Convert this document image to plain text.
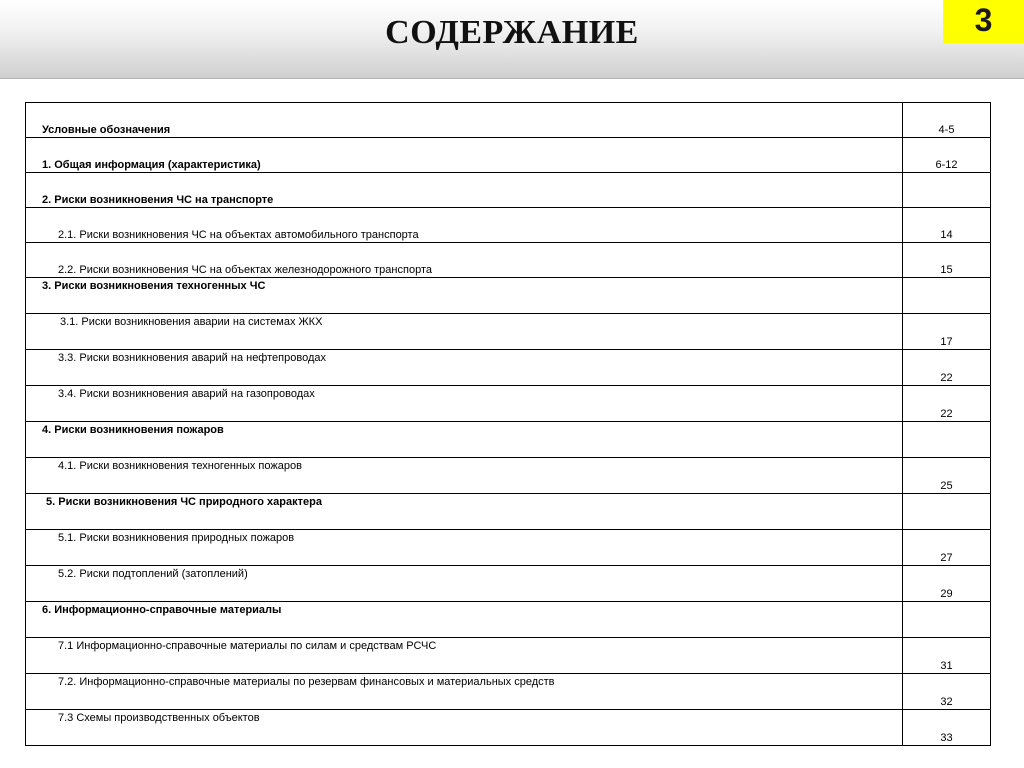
СОДЕРЖАНИЕ	3
Условные обозначения	4-5
1. Общая информация (характеристика)	6-12
2. Риски возникновения ЧС на транспорте	
2.1. Риски возникновения ЧС на объектах автомобильного транспорта	14
2.2. Риски возникновения ЧС на объектах железнодорожного транспорта	15
3. Риски возникновения техногенных ЧС	
3.1. Риски возникновения аварии на системах ЖКХ	17
3.3. Риски возникновения аварий на нефтепроводах	22
3.4. Риски возникновения аварий на газопроводах	22
4. Риски возникновения пожаров	
4.1. Риски возникновения техногенных пожаров	25
5. Риски возникновения ЧС природного характера	
5.1. Риски возникновения природных пожаров	27
5.2. Риски подтоплений (затоплений)	29
6. Информационно-справочные материалы	
7.1 Информационно-справочные материалы по силам и средствам РСЧС	31
7.2. Информационно-справочные материалы по резервам финансовых и материальных средств	32
7.3 Схемы производственных объектов	33
